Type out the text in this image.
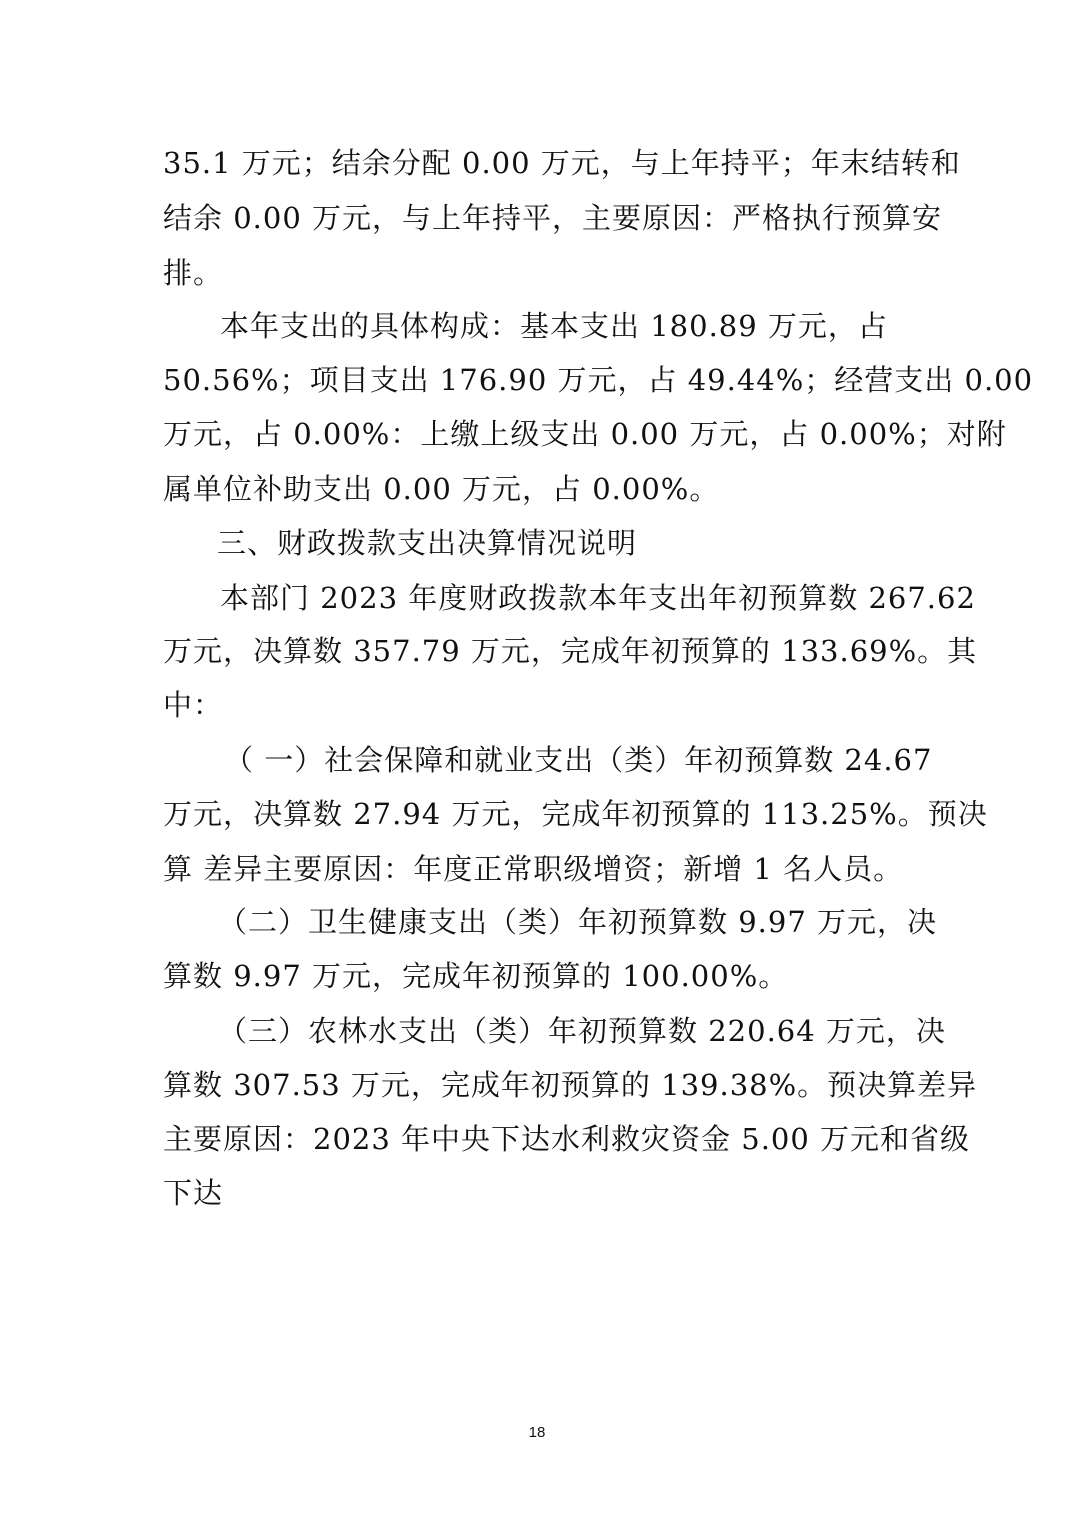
35.1 万元；结余分配 0.00 万元，与上年持平；年末结转和
结余 0.00 万元，与上年持平，主要原因：严格执行预算安
排。
本年支出的具体构成：基本支出 180.89 万元，占
50.56%；项目支出 176.90 万元，占 49.44%；经营支出 0.00
万元，占 0.00%：上缴上级支出 0.00 万元，占 0.00%；对附
属单位补助支出 0.00 万元，占 0.00%。
三、财政拨款支出决算情况说明
本部门 2023 年度财政拨款本年支出年初预算数 267.62
万元，决算数 357.79 万元，完成年初预算的 133.69%。其
中：
（ 一）社会保障和就业支出（类）年初预算数 24.67
万元，决算数 27.94 万元，完成年初预算的 113.25%。预决
算 差异主要原因：年度正常职级增资；新增 1 名人员。
（二）卫生健康支出（类）年初预算数 9.97 万元，决
算数 9.97 万元，完成年初预算的 100.00%。
（三）农林水支出（类）年初预算数 220.64 万元，决
算数 307.53 万元，完成年初预算的 139.38%。预决算差异
主要原因：2023 年中央下达水利救灾资金 5.00 万元和省级
下达
18
